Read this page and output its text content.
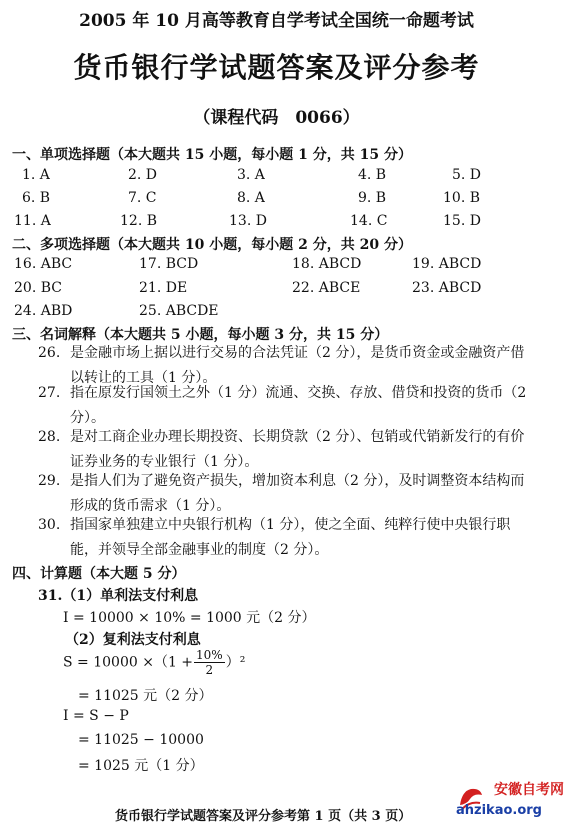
2005 年 10 月高等教育自学考试全国统一命题考试
货币银行学试题答案及评分参考
（课程代码　0066）
一、单项选择题（本大题共 15 小题，每小题 1 分，共 15 分）
1. A	2. D	3. A	4. B	5. D
6. B	7. C	8. A	9. B	10. B
11. A	12. B	13. D	14. C	15. D
二、多项选择题（本大题共 10 小题，每小题 2 分，共 20 分）
16. ABC	17. BCD	18. ABCD	19. ABCD
20. BC	21. DE	22. ABCE	23. ABCD
24. ABD	25. ABCDE
三、名词解释（本大题共 5 小题，每小题 3 分，共 15 分）
26. 是金融市场上据以进行交易的合法凭证（2 分），是货币资金或金融资产借以转让的工具（1 分）。
27. 指在原发行国领土之外（1 分）流通、交换、存放、借贷和投资的货币（2 分）。
28. 是对工商企业办理长期投资、长期贷款（2 分）、包销或代销新发行的有价证券业务的专业银行（1 分）。
29. 是指人们为了避免资产损失，增加资本利息（2 分），及时调整资本结构而形成的货币需求（1 分）。
30. 指国家单独建立中央银行机构（1 分），使之全面、纯粹行使中央银行职能，并领导全部金融事业的制度（2 分）。
四、计算题（本大题 5 分）
31.（1）单利法支付利息
I = 10000 × 10% = 1000 元（2 分）
（2）复利法支付利息
$S = 10000 \times(1 + \frac{10\%}{2} )^2$
= 11025 元（2 分）
I = S − P
= 11025 − 10000
= 1025 元（1 分）
货币银行学试题答案及评分参考第 1 页（共 3 页）
安徽自考网
ahzikao.org
